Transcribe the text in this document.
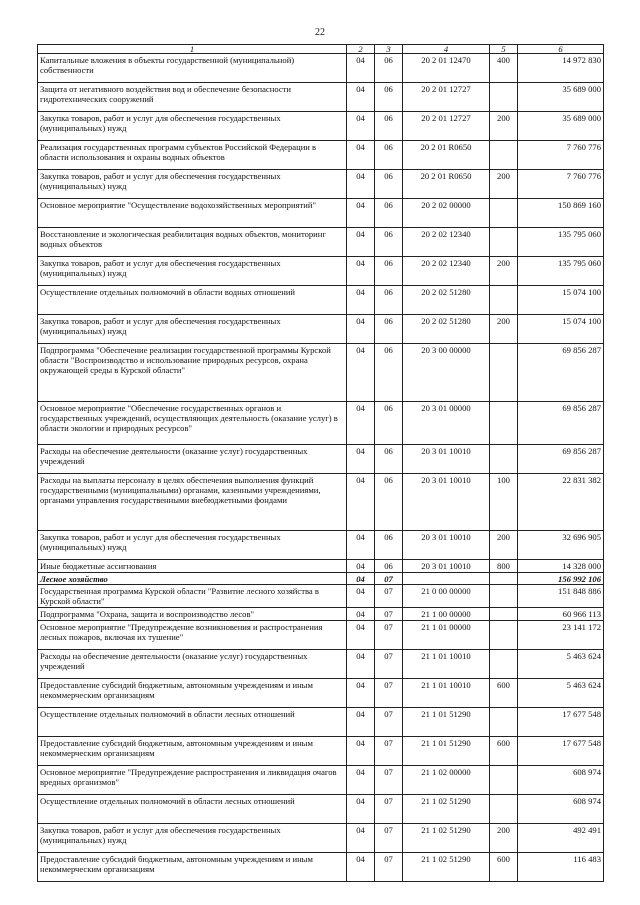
22
1	2	3	4	5	6
Капитальные вложения в объекты государственной (муниципальной) собственности	04	06	20 2 01 12470	400	14 972 830
Защита от негативного воздействия вод и обеспечение безопасности гидротехнических сооружений	04	06	20 2 01 12727		35 689 000
Закупка товаров, работ и услуг для обеспечения государственных (муниципальных) нужд	04	06	20 2 01 12727	200	35 689 000
Реализация государственных программ субъектов Российской Федерации в области использования и охраны водных объектов	04	06	20 2 01 R0650		7 760 776
Закупка товаров, работ и услуг для обеспечения государственных (муниципальных) нужд	04	06	20 2 01 R0650	200	7 760 776
Основное мероприятие "Осуществление водохозяйственных мероприятий"	04	06	20 2 02 00000		150 869 160
Восстановление и экологическая реабилитация водных объектов, мониторинг водных объектов	04	06	20 2 02 12340		135 795 060
Закупка товаров, работ и услуг для обеспечения государственных (муниципальных) нужд	04	06	20 2 02 12340	200	135 795 060
Осуществление отдельных полномочий в области водных отношений	04	06	20 2 02 51280		15 074 100
Закупка товаров, работ и услуг для обеспечения государственных (муниципальных) нужд	04	06	20 2 02 51280	200	15 074 100
Подпрограмма "Обеспечение реализации государственной программы Курской области "Воспроизводство и использование природных ресурсов, охрана окружающей среды в Курской области"	04	06	20 3 00 00000		69 856 287
Основное мероприятие "Обеспечение государственных органов и государственных учреждений, осуществляющих деятельность (оказание услуг) в области экологии и природных ресурсов"	04	06	20 3 01 00000		69 856 287
Расходы на обеспечение деятельности (оказание услуг) государственных учреждений	04	06	20 3 01 10010		69 856 287
Расходы на выплаты персоналу в целях обеспечения выполнения функций государственными (муниципальными) органами, казенными учреждениями, органами управления государственными внебюджетными фондами	04	06	20 3 01 10010	100	22 831 382
Закупка товаров, работ и услуг для обеспечения государственных (муниципальных) нужд	04	06	20 3 01 10010	200	32 696 905
Иные бюджетные ассигнования	04	06	20 3 01 10010	800	14 328 000
Лесное хозяйство	04	07			156 992 106
Государственная программа Курской области "Развитие лесного хозяйства в Курской области"	04	07	21 0 00 00000		151 848 886
Подпрограмма "Охрана, защита и воспроизводство лесов"	04	07	21 1 00 00000		60 966 113
Основное мероприятие "Предупреждение возникновения и распространения лесных пожаров, включая их тушение"	04	07	21 1 01 00000		23 141 172
Расходы на обеспечение деятельности (оказание услуг) государственных учреждений	04	07	21 1 01 10010		5 463 624
Предоставление субсидий бюджетным, автономным учреждениям и иным некоммерческим организациям	04	07	21 1 01 10010	600	5 463 624
Осуществление отдельных полномочий в области лесных отношений	04	07	21 1 01 51290		17 677 548
Предоставление субсидий бюджетным, автономным учреждениям и иным некоммерческим организациям	04	07	21 1 01 51290	600	17 677 548
Основное мероприятие "Предупреждение распространения и ликвидация очагов вредных организмов"	04	07	21 1 02 00000		608 974
Осуществление отдельных полномочий в области лесных отношений	04	07	21 1 02 51290		608 974
Закупка товаров, работ и услуг для обеспечения государственных (муниципальных) нужд	04	07	21 1 02 51290	200	492 491
Предоставление субсидий бюджетным, автономным учреждениям и иным некоммерческим организациям	04	07	21 1 02 51290	600	116 483
